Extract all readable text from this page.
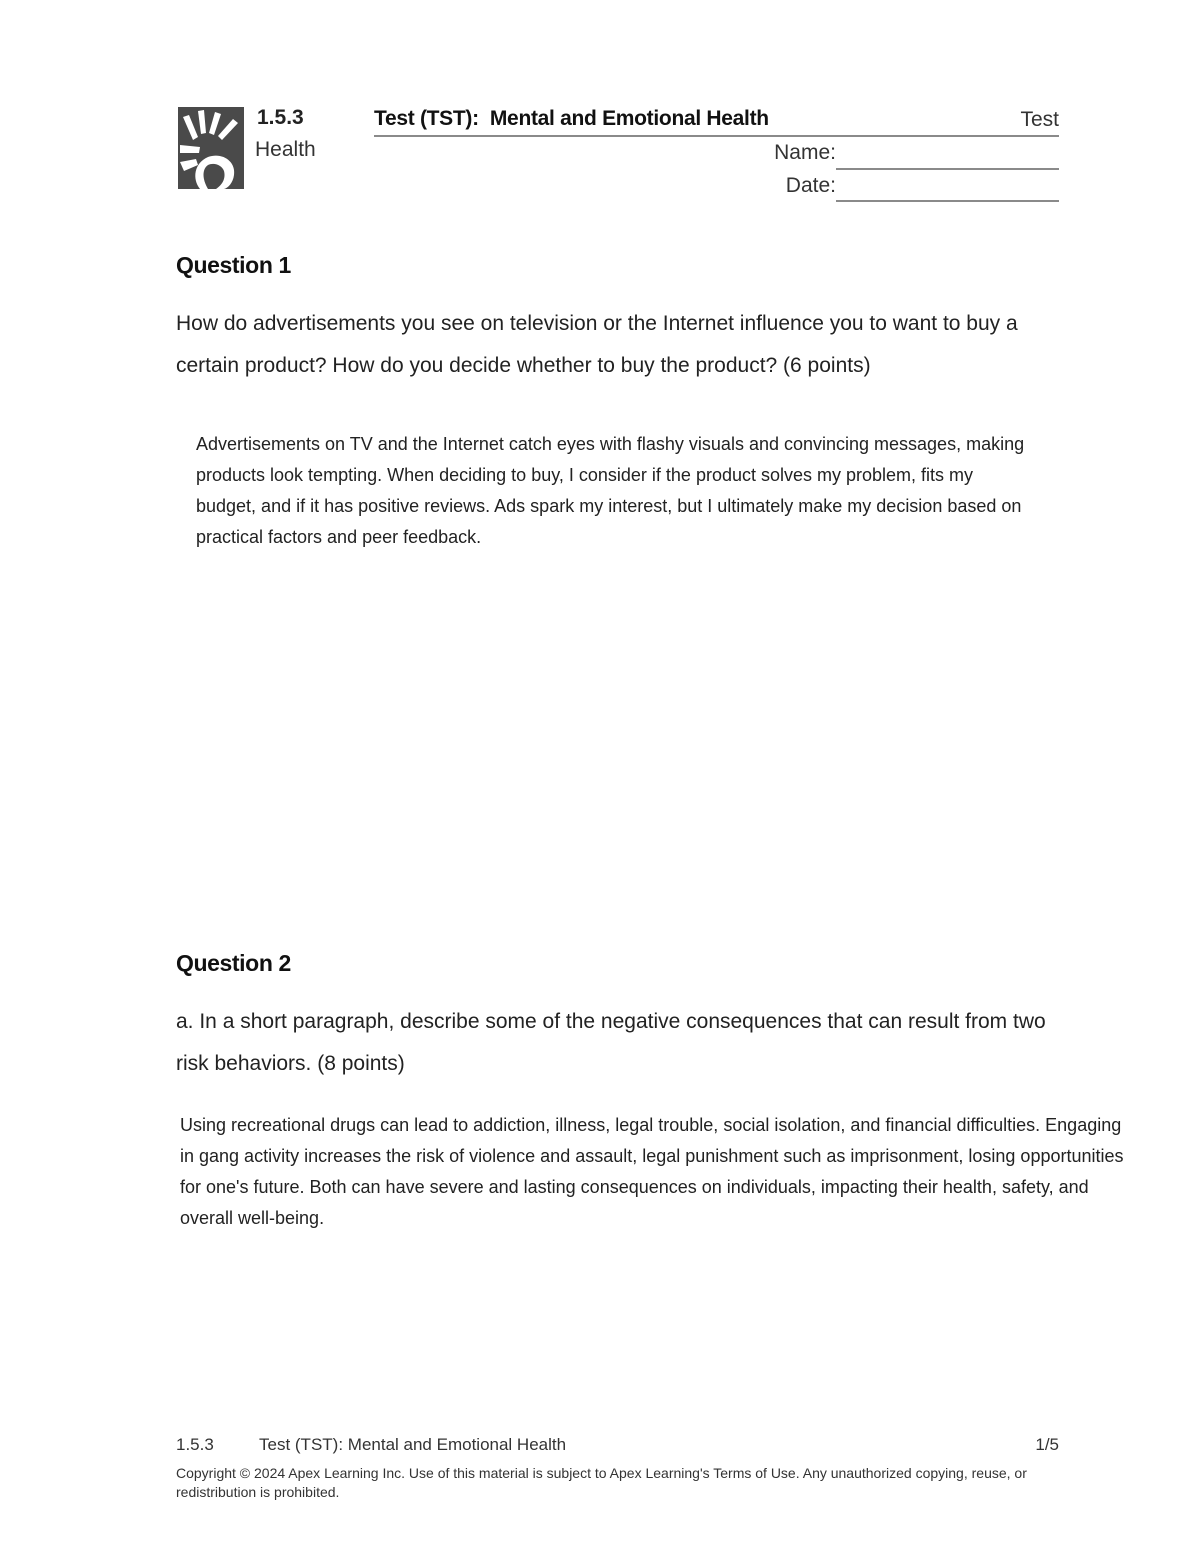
1.5.3
Health
Test (TST):  Mental and Emotional Health	Test
Name:
Date:
Question 1
How do advertisements you see on television or the Internet influence you to want to buy a certain product? How do you decide whether to buy the product? (6 points)
Advertisements on TV and the Internet catch eyes with flashy visuals and convincing messages, making products look tempting. When deciding to buy, I consider if the product solves my problem, fits my budget, and if it has positive reviews. Ads spark my interest, but I ultimately make my decision based on practical factors and peer feedback.
Question 2
a. In a short paragraph, describe some of the negative consequences that can result from two risk behaviors. (8 points)
Using recreational drugs can lead to addiction, illness, legal trouble, social isolation, and financial difficulties. Engaging in gang activity increases the risk of violence and assault, legal punishment such as imprisonment, losing opportunities for one's future. Both can have severe and lasting consequences on individuals, impacting their health, safety, and overall well-being.
1.5.3	Test (TST): Mental and Emotional Health	1/5
Copyright © 2024 Apex Learning Inc. Use of this material is subject to Apex Learning's Terms of Use. Any unauthorized copying, reuse, or redistribution is prohibited.
